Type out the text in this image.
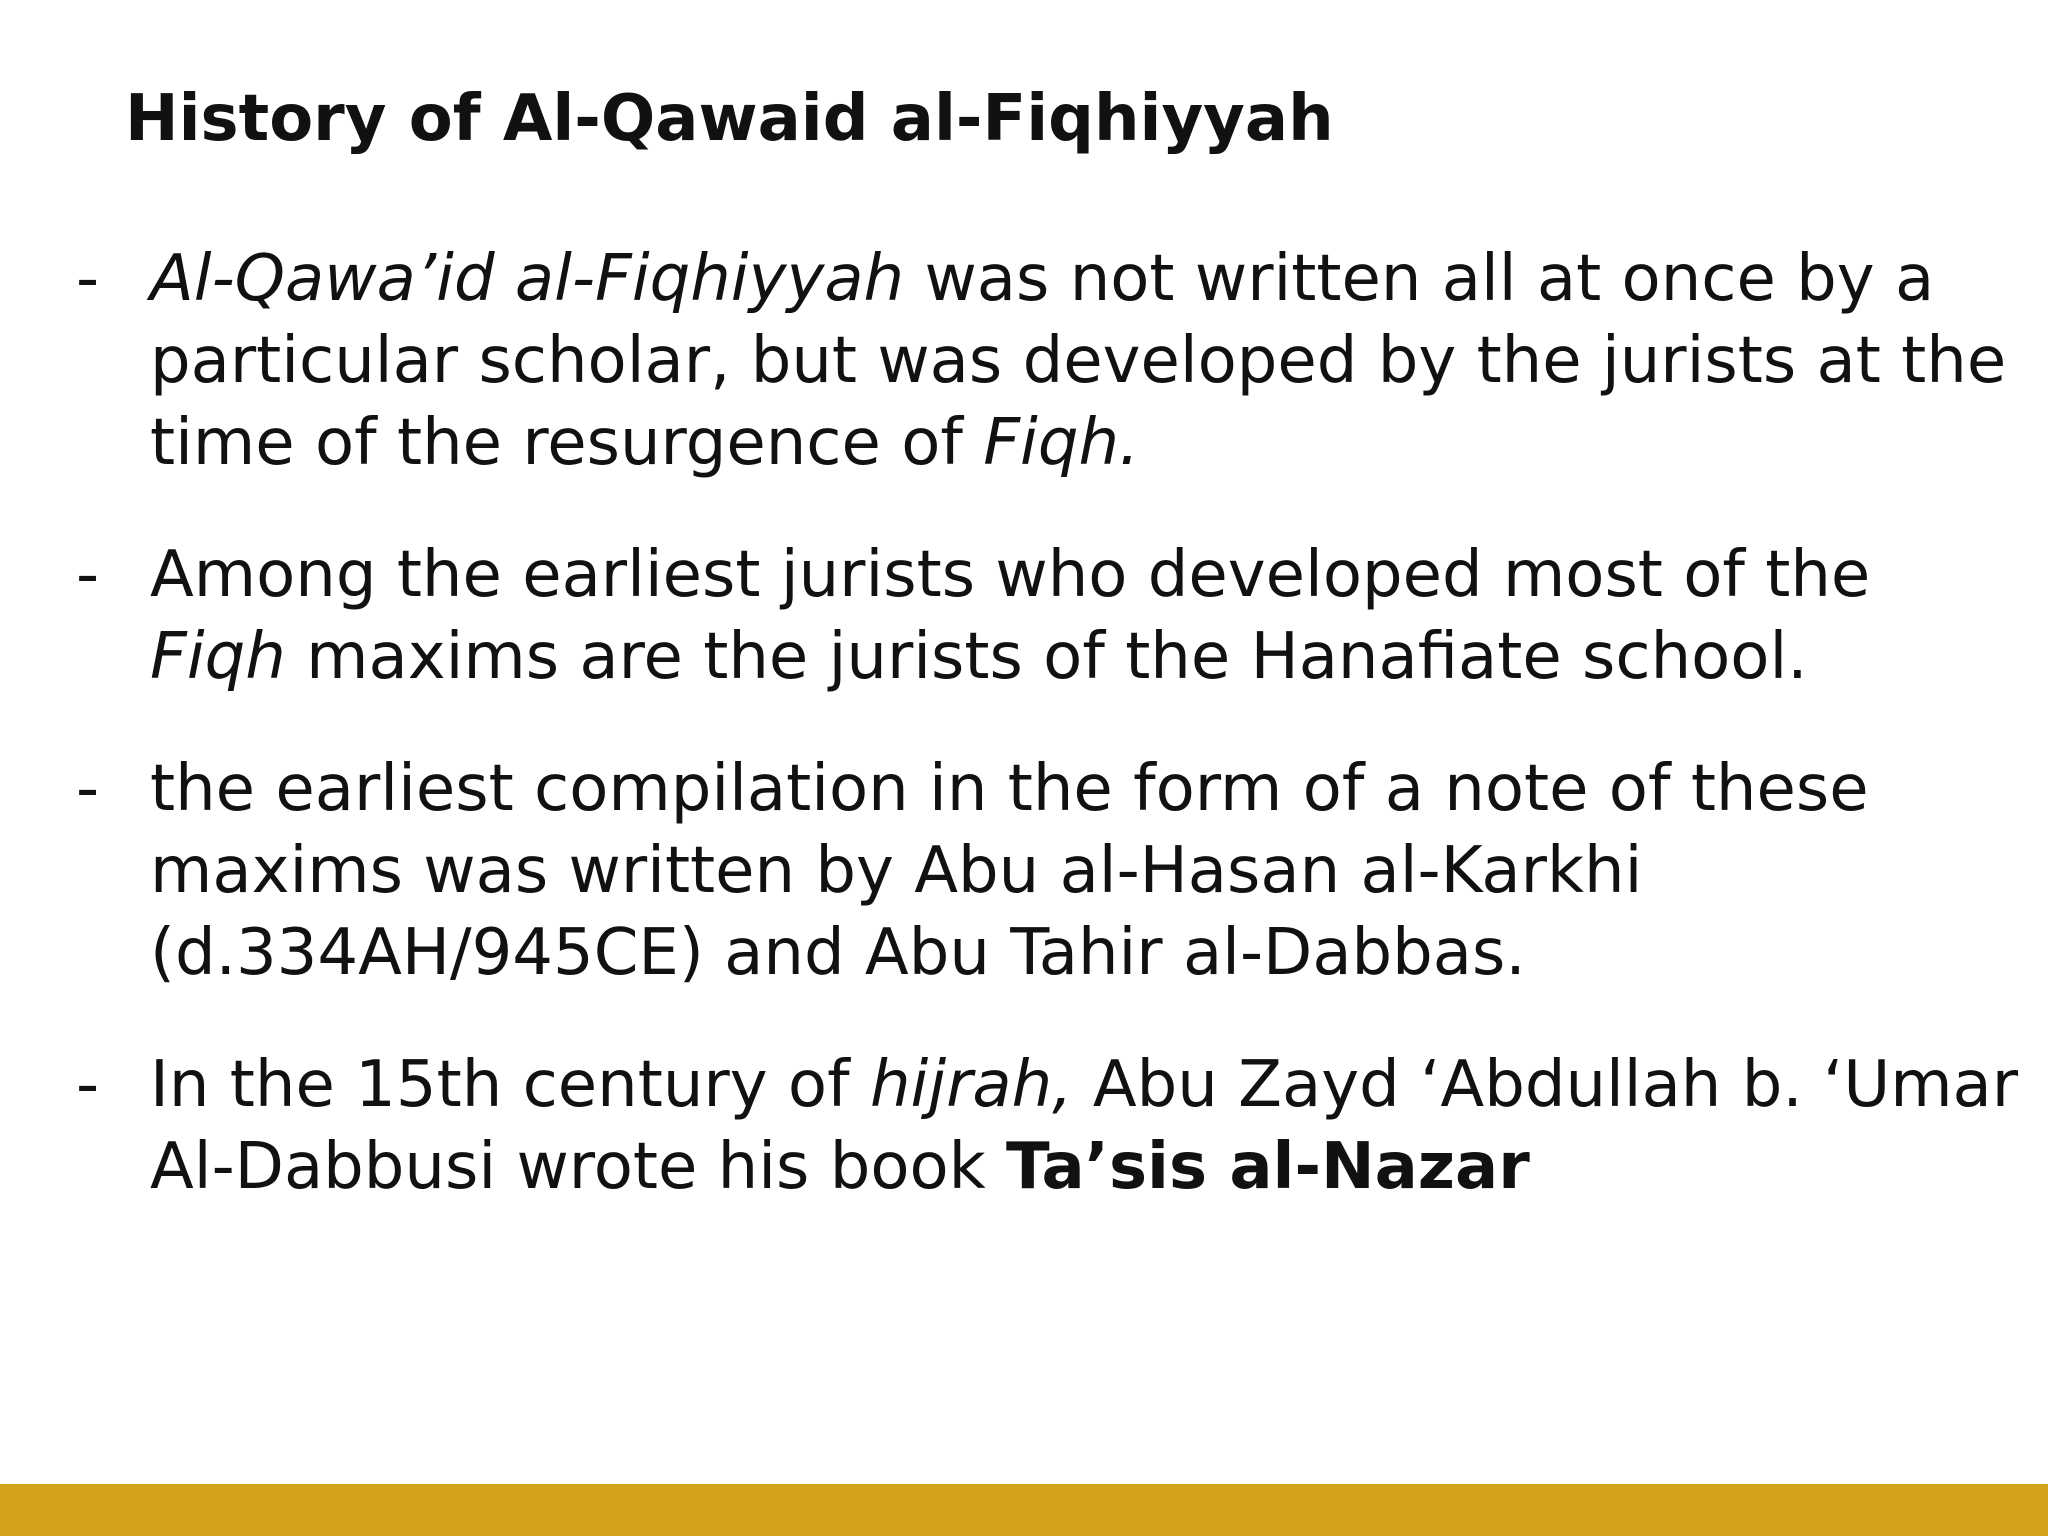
History of Al-Qawaid al-Fiqhiyyah
- Al-Qawa’id al-Fiqhiyyah was not written all at once by a particular scholar, but was developed by the jurists at the time of the resurgence of Fiqh.
- Among the earliest jurists who developed most of the Fiqh maxims are the jurists of the Hanafiate school.
- the earliest compilation in the form of a note of these maxims was written by Abu al-Hasan al-Karkhi (d.334AH/945CE) and Abu Tahir al-Dabbas.
- In the 15th century of hijrah, Abu Zayd ‘Abdullah b. ‘Umar Al-Dabbusi wrote his book Ta’sis al-Nazar
